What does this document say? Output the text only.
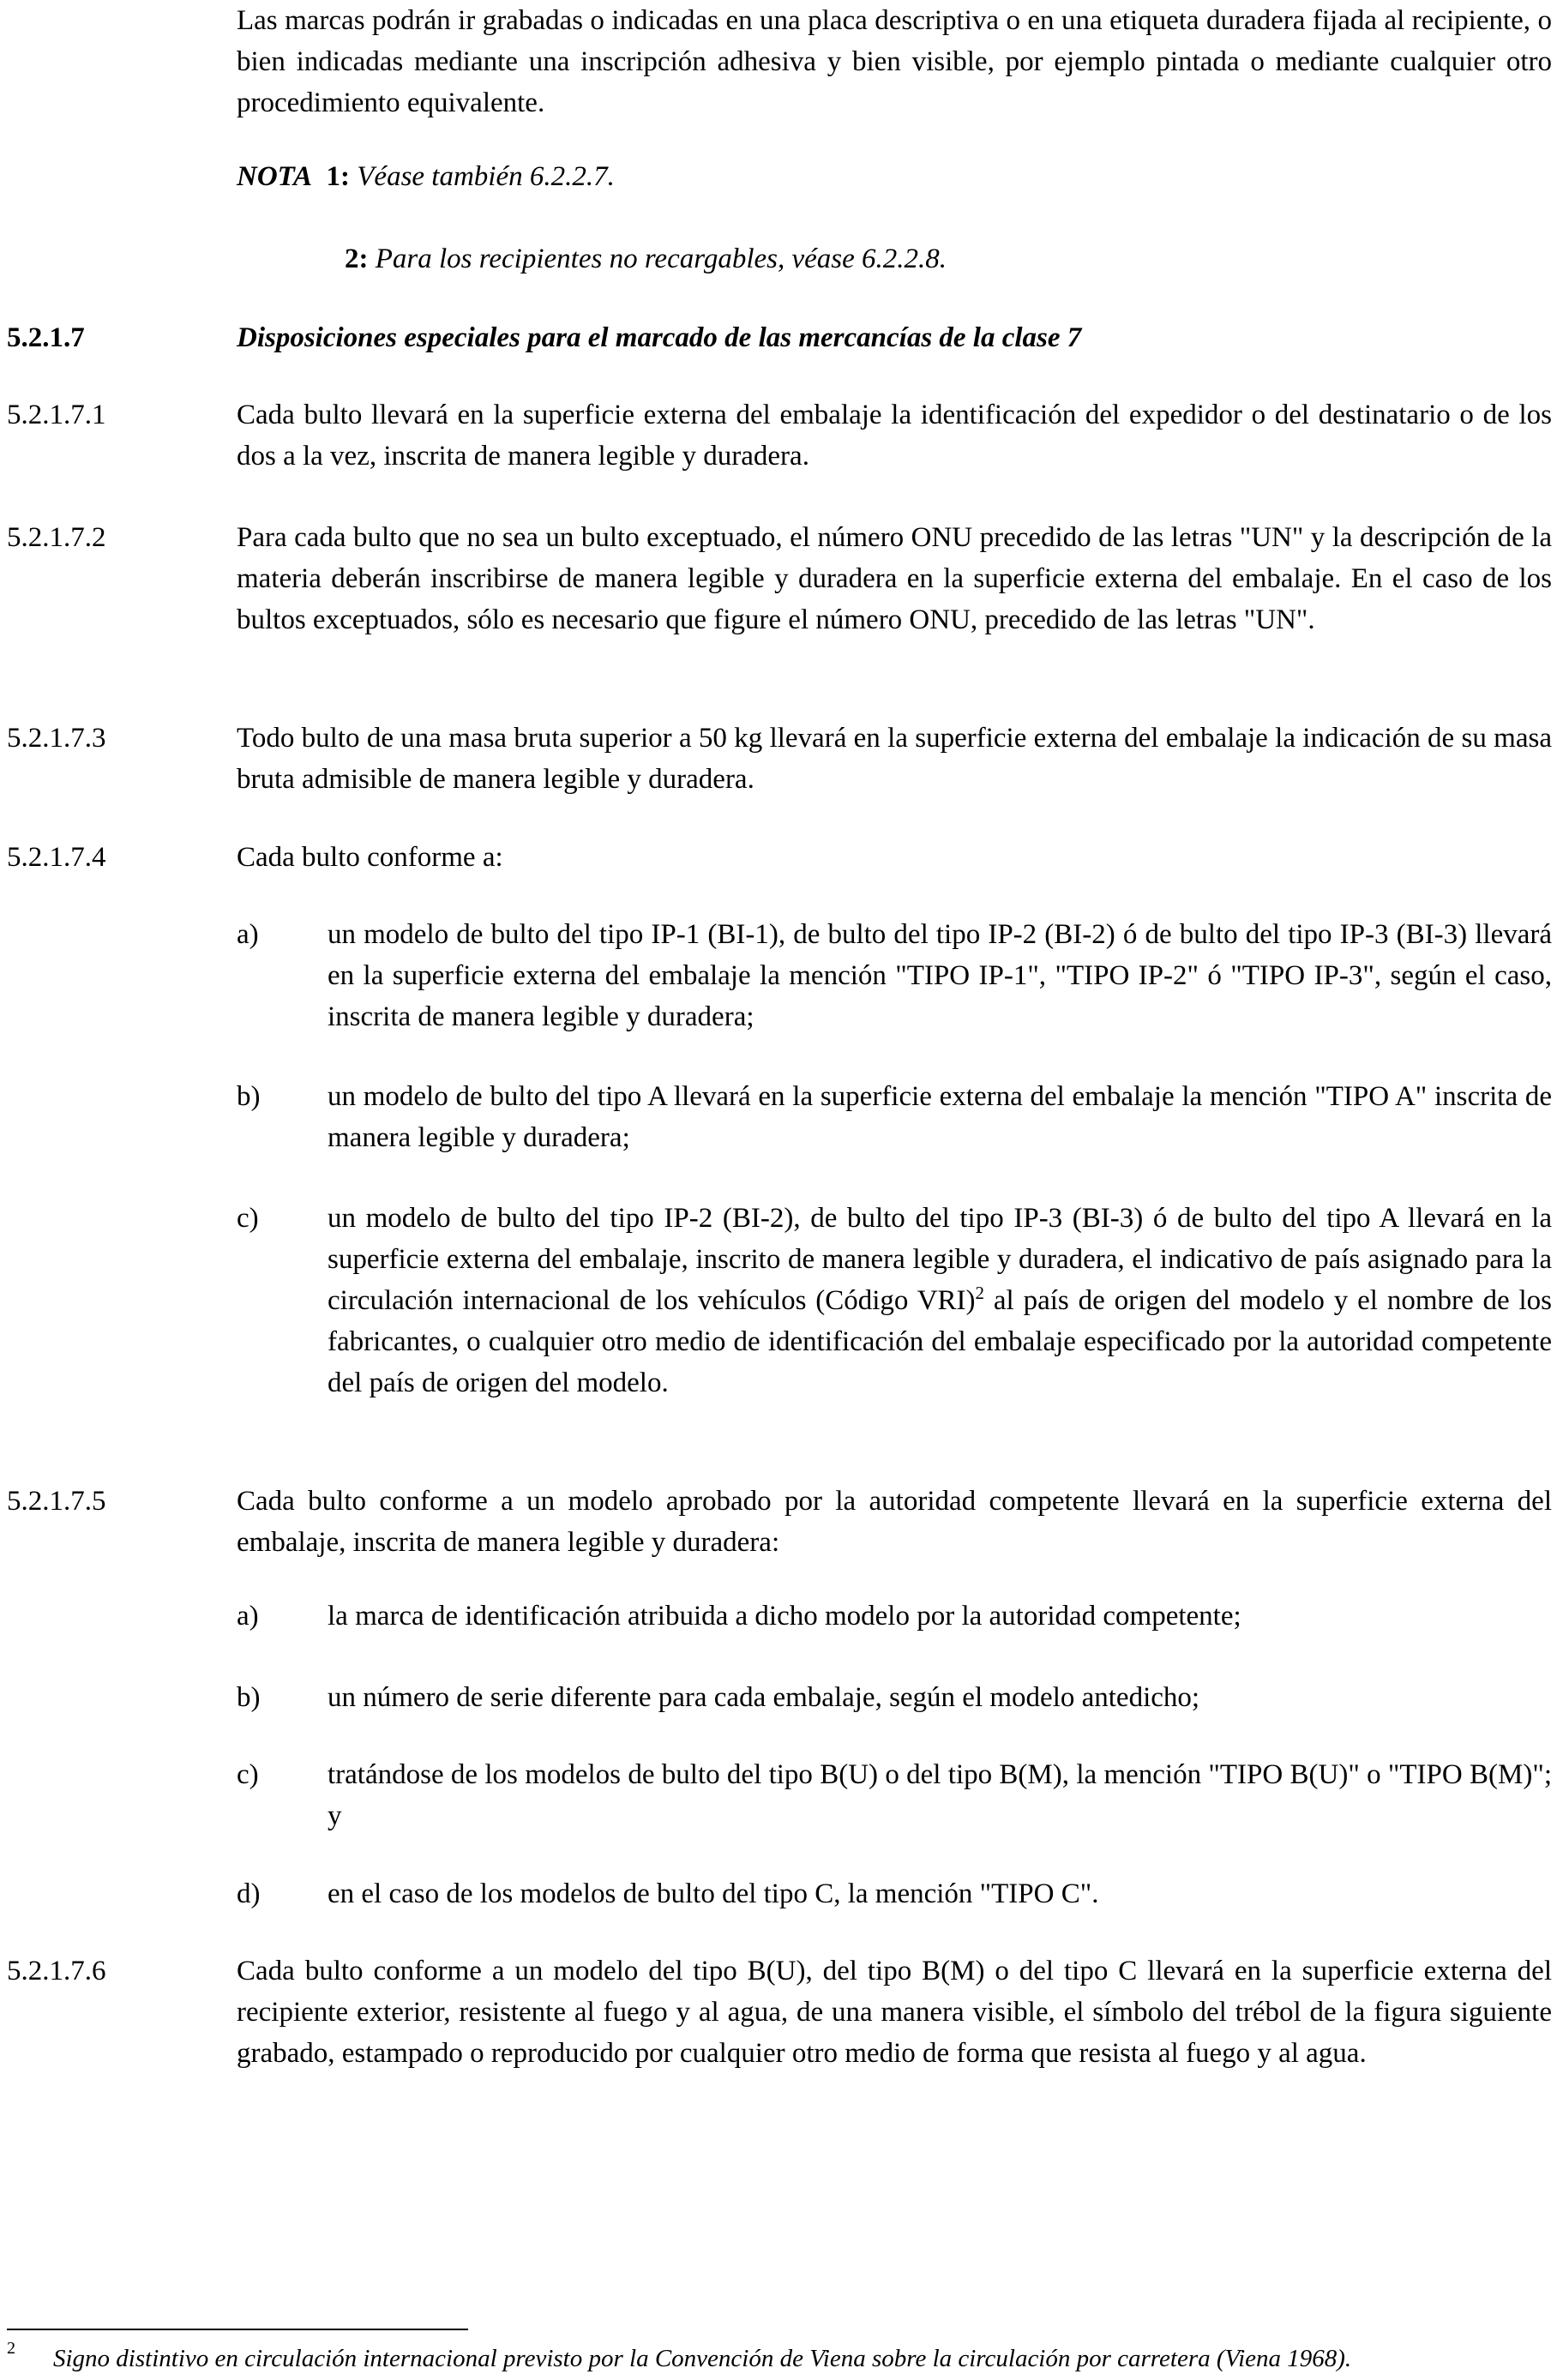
Las marcas podrán ir grabadas o indicadas en una placa descriptiva o en una etiqueta duradera fijada al recipiente, o bien indicadas mediante una inscripción adhesiva y bien visible, por ejemplo pintada o mediante cualquier otro procedimiento equivalente.
NOTA 1: Véase también 6.2.2.7.
2: Para los recipientes no recargables, véase 6.2.2.8.
5.2.1.7	Disposiciones especiales para el marcado de las mercancías de la clase 7
5.2.1.7.1	Cada bulto llevará en la superficie externa del embalaje la identificación del expedidor o del destinatario o de los dos a la vez, inscrita de manera legible y duradera.
5.2.1.7.2	Para cada bulto que no sea un bulto exceptuado, el número ONU precedido de las letras "UN" y la descripción de la materia deberán inscribirse de manera legible y duradera en la superficie externa del embalaje. En el caso de los bultos exceptuados, sólo es necesario que figure el número ONU, precedido de las letras "UN".
5.2.1.7.3	Todo bulto de una masa bruta superior a 50 kg llevará en la superficie externa del embalaje la indicación de su masa bruta admisible de manera legible y duradera.
5.2.1.7.4	Cada bulto conforme a:
a) un modelo de bulto del tipo IP-1 (BI-1), de bulto del tipo IP-2 (BI-2) ó de bulto del tipo IP-3 (BI-3) llevará en la superficie externa del embalaje la mención "TIPO IP-1", "TIPO IP-2" ó "TIPO IP-3", según el caso, inscrita de manera legible y duradera;
b) un modelo de bulto del tipo A llevará en la superficie externa del embalaje la mención "TIPO A" inscrita de manera legible y duradera;
c) un modelo de bulto del tipo IP-2 (BI-2), de bulto del tipo IP-3 (BI-3) ó de bulto del tipo A llevará en la superficie externa del embalaje, inscrito de manera legible y duradera, el indicativo de país asignado para la circulación internacional de los vehículos (Código VRI)$^2$ al país de origen del modelo y el nombre de los fabricantes, o cualquier otro medio de identificación del embalaje especificado por la autoridad competente del país de origen del modelo.
5.2.1.7.5	Cada bulto conforme a un modelo aprobado por la autoridad competente llevará en la superficie externa del embalaje, inscrita de manera legible y duradera:
a) la marca de identificación atribuida a dicho modelo por la autoridad competente;
b) un número de serie diferente para cada embalaje, según el modelo antedicho;
c) tratándose de los modelos de bulto del tipo B(U) o del tipo B(M), la mención "TIPO B(U)" o "TIPO B(M)"; y
d) en el caso de los modelos de bulto del tipo C, la mención "TIPO C".
5.2.1.7.6	Cada bulto conforme a un modelo del tipo B(U), del tipo B(M) o del tipo C llevará en la superficie externa del recipiente exterior, resistente al fuego y al agua, de una manera visible, el símbolo del trébol de la figura siguiente grabado, estampado o reproducido por cualquier otro medio de forma que resista al fuego y al agua.
2 Signo distintivo en circulación internacional previsto por la Convención de Viena sobre la circulación por carretera (Viena 1968).
